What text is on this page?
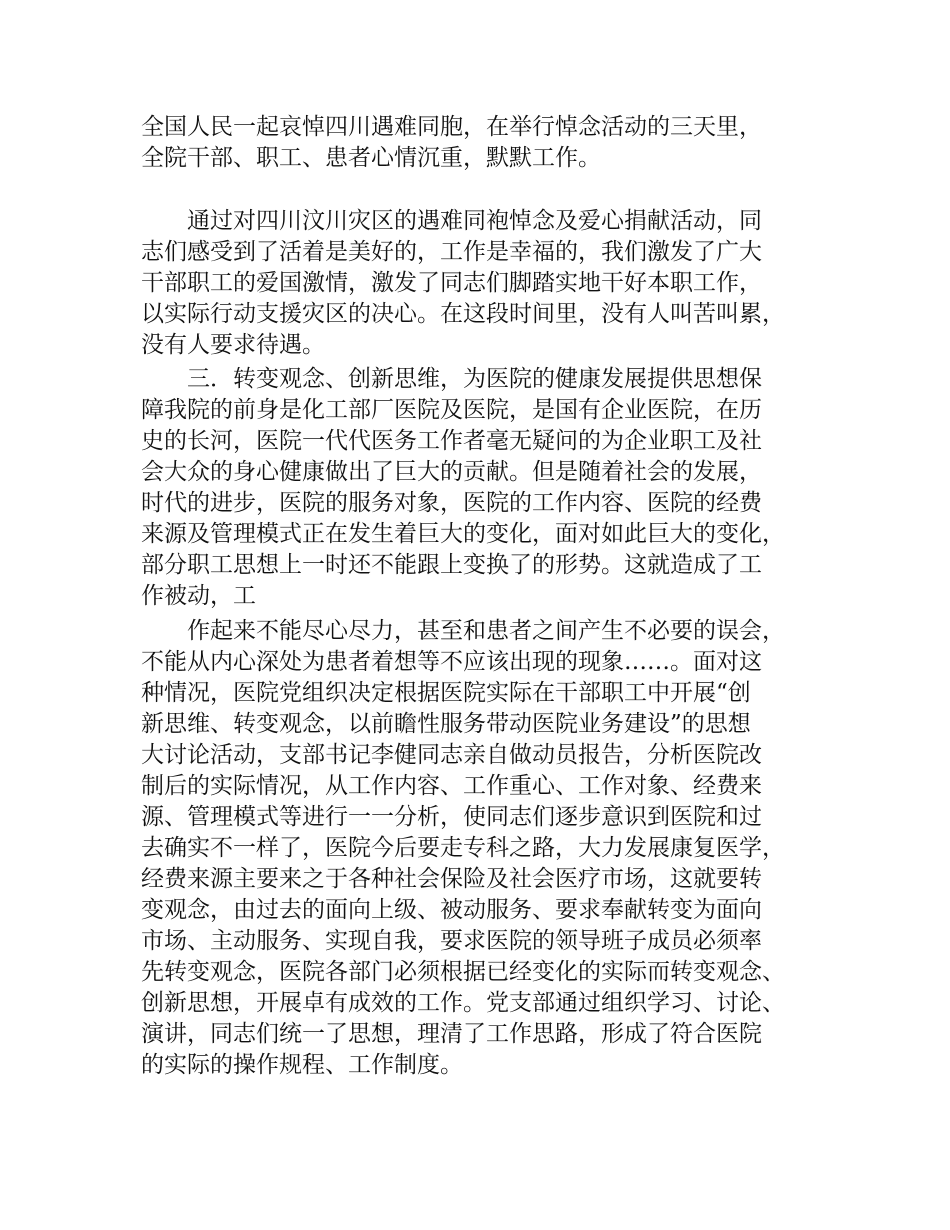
全国人民一起哀悼四川遇难同胞，在举行悼念活动的三天里，
全院干部、职工、患者心情沉重，默默工作。
通过对四川汶川灾区的遇难同袍悼念及爱心捐献活动，同
志们感受到了活着是美好的，工作是幸福的，我们激发了广大
干部职工的爱国激情，激发了同志们脚踏实地干好本职工作，
以实际行动支援灾区的决心。在这段时间里，没有人叫苦叫累，
没有人要求待遇。
三．转变观念、创新思维，为医院的健康发展提供思想保
障我院的前身是化工部厂医院及医院，是国有企业医院，在历
史的长河，医院一代代医务工作者毫无疑问的为企业职工及社
会大众的身心健康做出了巨大的贡献。但是随着社会的发展，
时代的进步，医院的服务对象，医院的工作内容、医院的经费
来源及管理模式正在发生着巨大的变化，面对如此巨大的变化，
部分职工思想上一时还不能跟上变换了的形势。这就造成了工
作被动，工
作起来不能尽心尽力，甚至和患者之间产生不必要的误会，
不能从内心深处为患者着想等不应该出现的现象……。面对这
种情况，医院党组织决定根据医院实际在干部职工中开展“创
新思维、转变观念，以前瞻性服务带动医院业务建设”的思想
大讨论活动，支部书记李健同志亲自做动员报告，分析医院改
制后的实际情况，从工作内容、工作重心、工作对象、经费来
源、管理模式等进行一一分析，使同志们逐步意识到医院和过
去确实不一样了，医院今后要走专科之路，大力发展康复医学，
经费来源主要来之于各种社会保险及社会医疗市场，这就要转
变观念，由过去的面向上级、被动服务、要求奉献转变为面向
市场、主动服务、实现自我，要求医院的领导班子成员必须率
先转变观念，医院各部门必须根据已经变化的实际而转变观念、
创新思想，开展卓有成效的工作。党支部通过组织学习、讨论、
演讲，同志们统一了思想，理清了工作思路，形成了符合医院
的实际的操作规程、工作制度。
